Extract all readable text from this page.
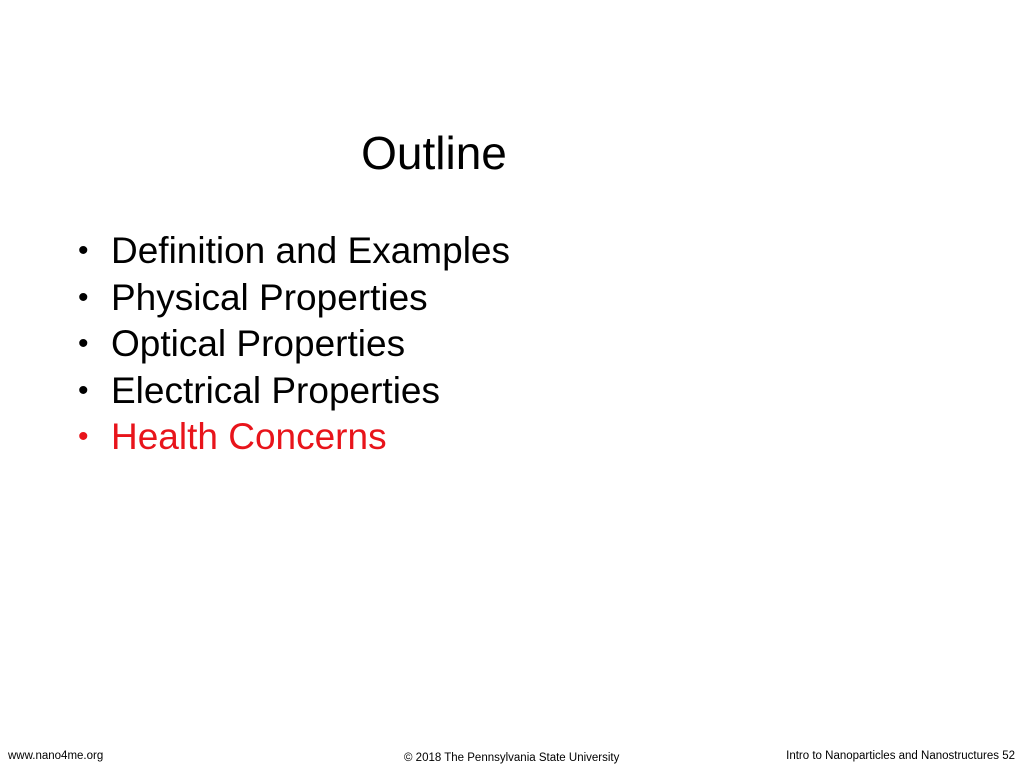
Outline
• Definition and Examples
• Physical Properties
• Optical Properties
• Electrical Properties
• Health Concerns
www.nano4me.org	© 2018 The Pennsylvania State University	Intro to Nanoparticles and Nanostructures 52
